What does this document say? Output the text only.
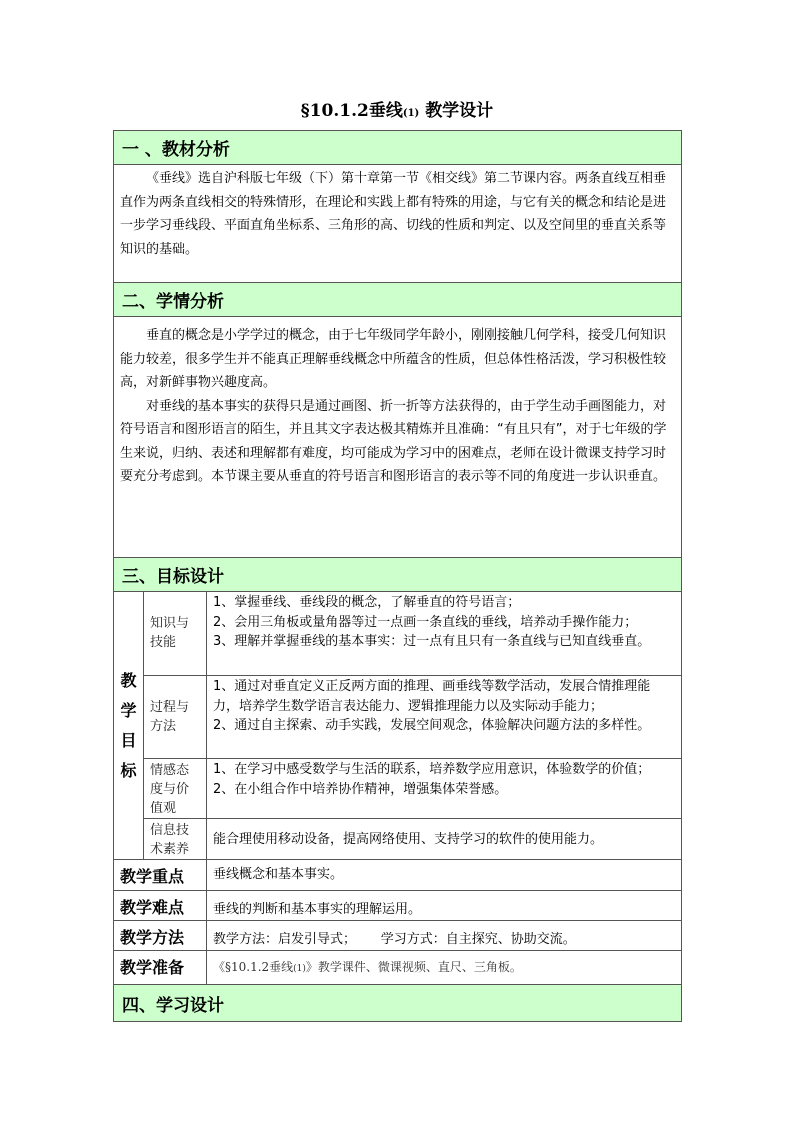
§10.1.2垂线(1) 教学设计
一 、教材分析		

《垂线》选自沪科版七年级（下）第十章第一节《相交线》第二节课内容。两条直线互相垂直作为两条直线相交的特殊情形，在理论和实践上都有特殊的用途，与它有关的概念和结论是进一步学习垂线段、平面直角坐标系、三角形的高、切线的性质和判定、以及空间里的垂直关系等知识的基础。		

二、学情分析		

垂直的概念是小学学过的概念，由于七年级同学年龄小，刚刚接触几何学科，接受几何知识能力较差，很多学生并不能真正理解垂线概念中所蕴含的性质，但总体性格活泼，学习积极性较高，对新鲜事物兴趣度高。

对垂线的基本事实的获得只是通过画图、折一折等方法获得的，由于学生动手画图能力，对符号语言和图形语言的陌生，并且其文字表达极其精炼并且准确：“有且只有”，对于七年级的学生来说，归纳、表述和理解都有难度，均可能成为学习中的困难点，老师在设计微课支持学习时要充分考虑到。本节课主要从垂直的符号语言和图形语言的表示等不同的角度进一步认识垂直。		

三、目标设计		

教学目标	知识与技能	1、掌握垂线、垂线段的概念，了解垂直的符号语言；
2、会用三角板或量角器等过一点画一条直线的垂线，培养动手操作能力；
3、理解并掌握垂线的基本事实：过一点有且只有一条直线与已知直线垂直。

	过程与方法	1、通过对垂直定义正反两方面的推理、画垂线等数学活动，发展合情推理能力，培养学生数学语言表达能力、逻辑推理能力以及实际动手能力；
2、通过自主探索、动手实践，发展空间观念，体验解决问题方法的多样性。

	情感态度与价值观	1、在学习中感受数学与生活的联系，培养数学应用意识，体验数学的价值；
2、在小组合作中培养协作精神，增强集体荣誉感。

	信息技术素养	能合理使用移动设备，提高网络使用、支持学习的软件的使用能力。

教学重点		垂线概念和基本事实。
教学难点		垂线的判断和基本事实的理解运用。
教学方法		教学方法：启发引导式；      学习方式：自主探究、协助交流。
教学准备		《§10.1.2垂线(1)》教学课件、微课视频、直尺、三角板。
四、学习设计		
